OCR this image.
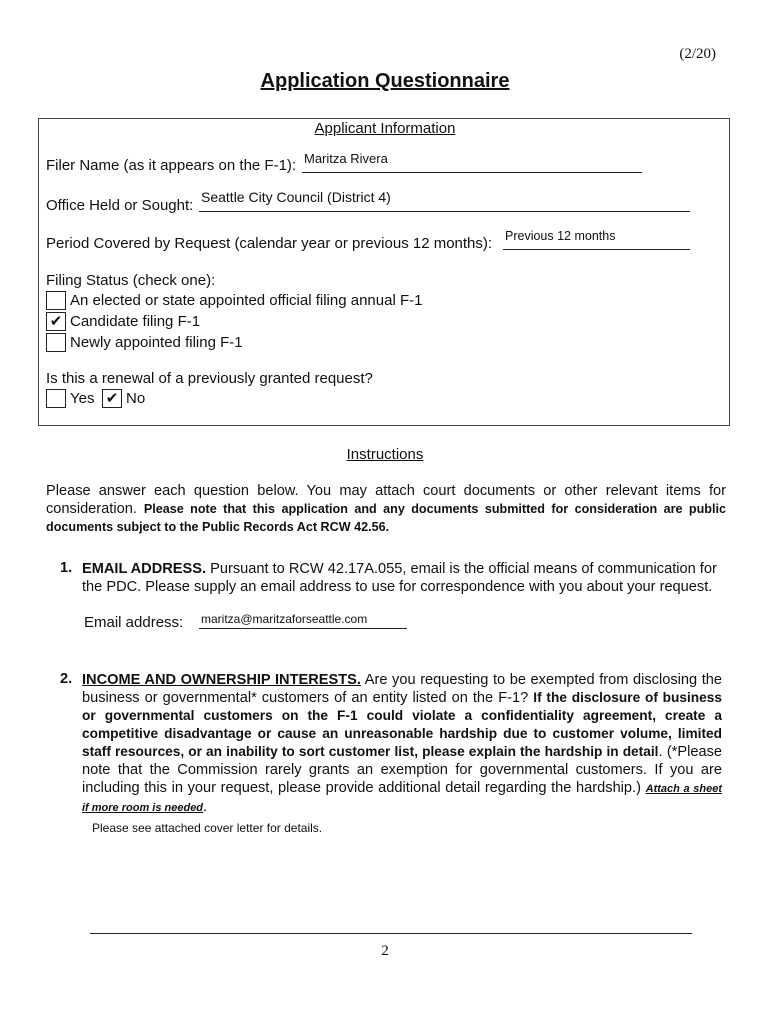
(2/20)
Application Questionnaire
Applicant Information
Filer Name (as it appears on the F-1): Maritza Rivera
Office Held or Sought: Seattle City Council (District 4)
Period Covered by Request (calendar year or previous 12 months): Previous 12 months
Filing Status (check one):
An elected or state appointed official filing annual F-1
✔ Candidate filing F-1
Newly appointed filing F-1
Is this a renewal of a previously granted request?
Yes ✔ No
Instructions
Please answer each question below. You may attach court documents or other relevant items for consideration. Please note that this application and any documents submitted for consideration are public documents subject to the Public Records Act RCW 42.56.
1. EMAIL ADDRESS. Pursuant to RCW 42.17A.055, email is the official means of communication for the PDC. Please supply an email address to use for correspondence with you about your request.
Email address: maritza@maritzaforseattle.com
2. INCOME AND OWNERSHIP INTERESTS. Are you requesting to be exempted from disclosing the business or governmental* customers of an entity listed on the F-1? If the disclosure of business or governmental customers on the F-1 could violate a confidentiality agreement, create a competitive disadvantage or cause an unreasonable hardship due to customer volume, limited staff resources, or an inability to sort customer list, please explain the hardship in detail. (*Please note that the Commission rarely grants an exemption for governmental customers. If you are including this in your request, please provide additional detail regarding the hardship.) Attach a sheet if more room is needed.
Please see attached cover letter for details.
2
